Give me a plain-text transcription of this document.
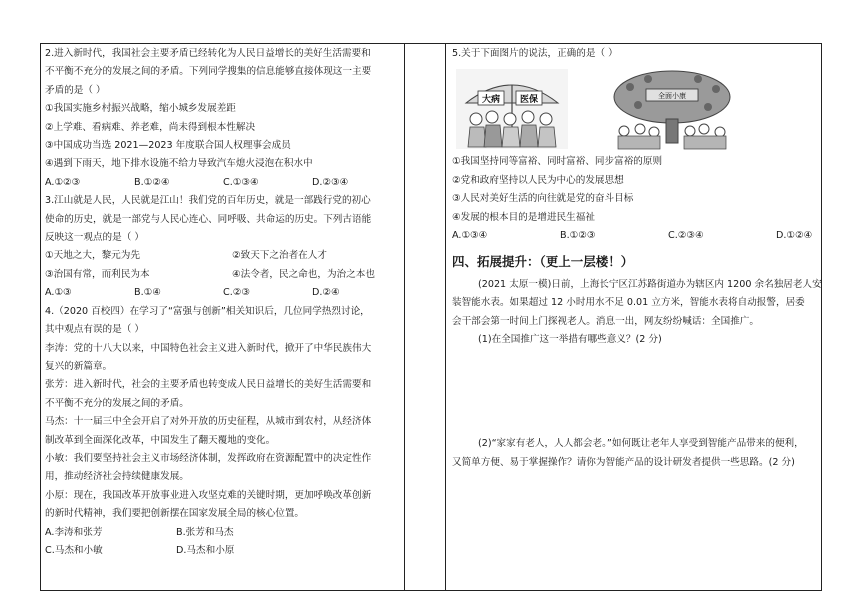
2.进入新时代，我国社会主要矛盾已经转化为人民日益增长的美好生活需要和

不平衡不充分的发展之间的矛盾。下列同学搜集的信息能够直接体现这一主要

矛盾的是（ ）

①我国实施乡村振兴战略，缩小城乡发展差距

②上学难、看病难、养老难，尚未得到根本性解决

③中国成功当选 2021—2023 年度联合国人权理事会成员

④遇到下雨天，地下排水设施不给力导致汽车熄火浸泡在积水中

A.①②③	B.①②④	C.①③④	D.②③④

3.江山就是人民，人民就是江山！我们党的百年历史，就是一部践行党的初心

使命的历史，就是一部党与人民心连心、同呼吸、共命运的历史。下列古语能

反映这一观点的是（ ）

①天地之大，黎元为先	②致天下之治者在人才

③治国有常，而利民为本	④法令者，民之命也，为治之本也

A.①③	B.①④	C.②③	D.②④

4.（2020 百校四）在学习了“富强与创新”相关知识后，几位同学热烈讨论，

其中观点有误的是（ ）

李涛：党的十八大以来，中国特色社会主义进入新时代，掀开了中华民族伟大

复兴的新篇章。

张芳：进入新时代，社会的主要矛盾也转变成人民日益增长的美好生活需要和

不平衡不充分的发展之间的矛盾。

马杰：十一届三中全会开启了对外开放的历史征程，从城市到农村，从经济体

制改革到全面深化改革，中国发生了翻天覆地的变化。

小敏：我们要坚持社会主义市场经济体制，发挥政府在资源配置中的决定性作

用，推动经济社会持续健康发展。

小原：现在，我国改革开放事业进入攻坚克难的关键时期，更加呼唤改革创新

的新时代精神，我们要把创新摆在国家发展全局的核心位置。

A.李涛和张芳	B.张芳和马杰

C.马杰和小敏	D.马杰和小原

5.关于下面图片的说法，正确的是（ ）

大病 医保	全面小康

①我国坚持同等富裕、同时富裕、同步富裕的原则

②党和政府坚持以人民为中心的发展思想

③人民对美好生活的向往就是党的奋斗目标

④发展的根本目的是增进民生福祉

A.①③④	B.①②③	C.②③④	D.①②④

四、拓展提升：（更上一层楼！）

(2021 太原一模)日前，上海长宁区江苏路街道办为辖区内 1200 余名独居老人安

装智能水表。如果超过 12 小时用水不足 0.01 立方米，智能水表将自动报警，居委

会干部会第一时间上门探视老人。消息一出，网友纷纷喊话：全国推广。

(1)在全国推广这一举措有哪些意义？(2 分)

(2)“家家有老人，人人都会老。”如何既让老年人享受到智能产品带来的便利，

又简单方便、易于掌握操作？请你为智能产品的设计研发者提供一些思路。(2 分)
